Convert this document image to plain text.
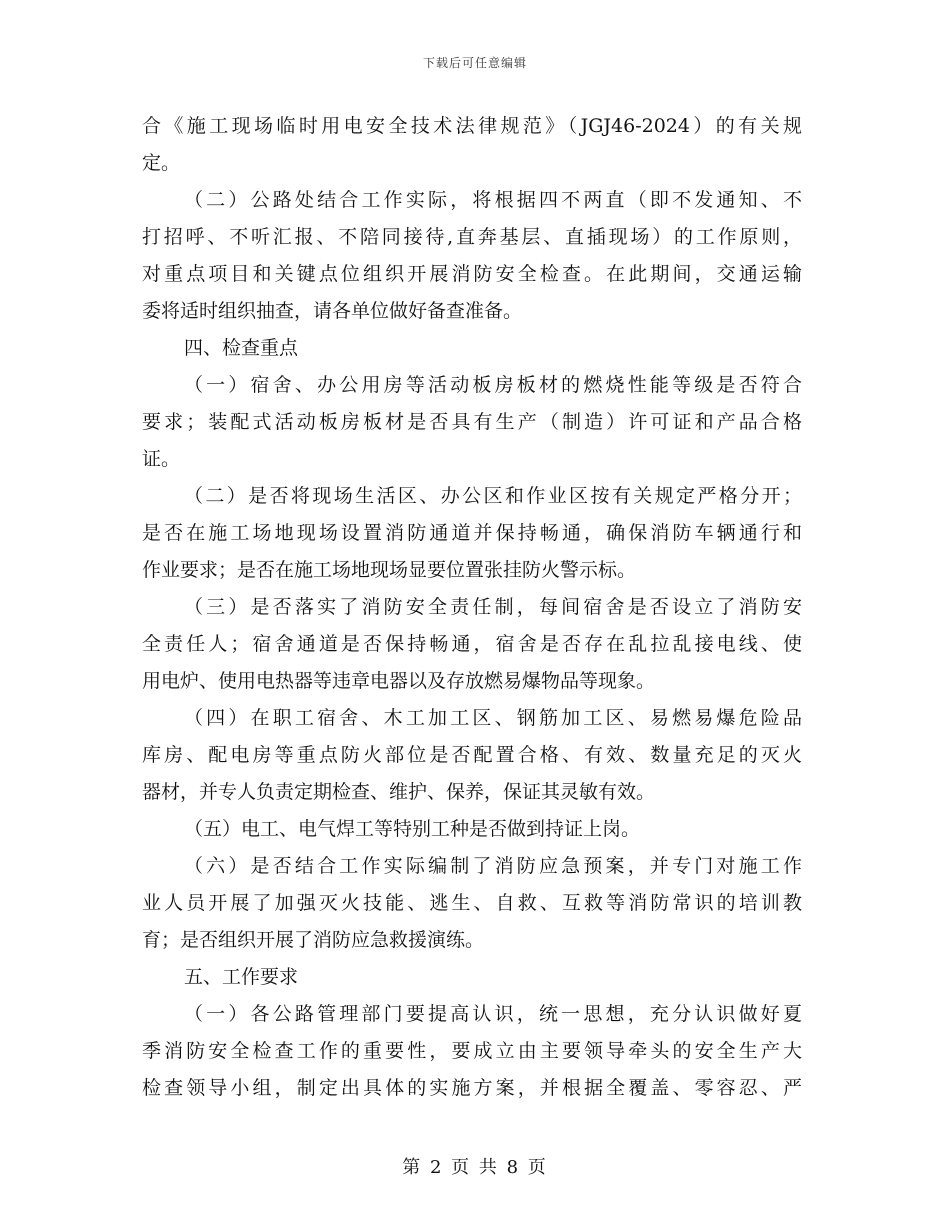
下载后可任意编辑
合《施工现场临时用电安全技术法律规范》（JGJ46-2024）的有关规
定。
（二）公路处结合工作实际，将根据四不两直（即不发通知、不
打招呼、不听汇报、不陪同接待,直奔基层、直插现场）的工作原则，
对重点项目和关键点位组织开展消防安全检查。在此期间，交通运输
委将适时组织抽查，请各单位做好备查准备。
四、检查重点
（一）宿舍、办公用房等活动板房板材的燃烧性能等级是否符合
要求；装配式活动板房板材是否具有生产（制造）许可证和产品合格
证。
（二）是否将现场生活区、办公区和作业区按有关规定严格分开；
是否在施工场地现场设置消防通道并保持畅通，确保消防车辆通行和
作业要求；是否在施工场地现场显要位置张挂防火警示标。
（三）是否落实了消防安全责任制，每间宿舍是否设立了消防安
全责任人；宿舍通道是否保持畅通，宿舍是否存在乱拉乱接电线、使
用电炉、使用电热器等违章电器以及存放燃易爆物品等现象。
（四）在职工宿舍、木工加工区、钢筋加工区、易燃易爆危险品
库房、配电房等重点防火部位是否配置合格、有效、数量充足的灭火
器材，并专人负责定期检查、维护、保养，保证其灵敏有效。
（五）电工、电气焊工等特别工种是否做到持证上岗。
（六）是否结合工作实际编制了消防应急预案，并专门对施工作
业人员开展了加强灭火技能、逃生、自救、互救等消防常识的培训教
育；是否组织开展了消防应急救援演练。
五、工作要求
（一）各公路管理部门要提高认识，统一思想，充分认识做好夏
季消防安全检查工作的重要性，要成立由主要领导牵头的安全生产大
检查领导小组，制定出具体的实施方案，并根据全覆盖、零容忍、严
第 2 页 共 8 页
